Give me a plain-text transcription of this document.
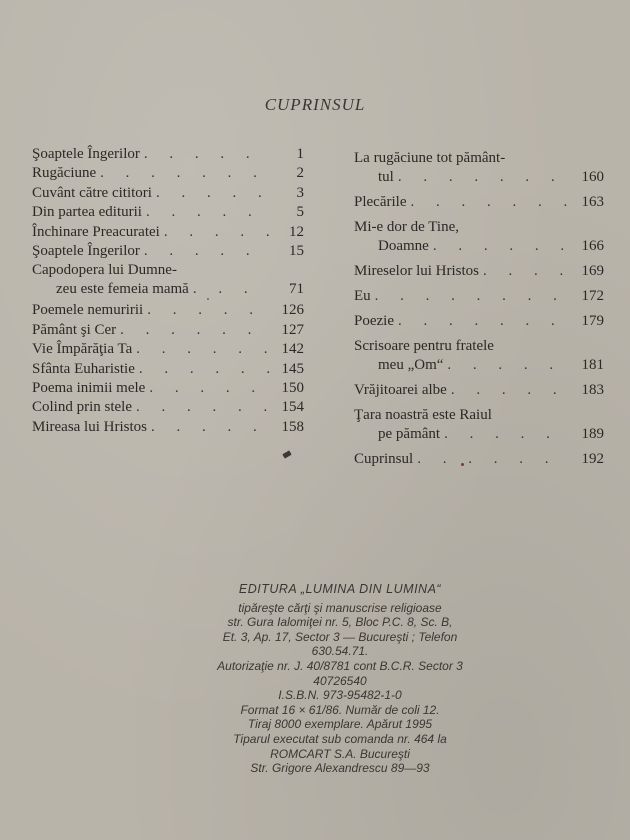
CUPRINSUL
Şoaptele Îngerilor . . .	1
Rugăciune . . .	2
Cuvânt către cititori . . .	3
Din partea editurii . . .	5
Închinare Preacuratei . . .	12
Şoaptele Îngerilor . . .	15
Capodopera lui Dumne-
zeu este femeia mamă . . .	71
Poemele nemuririi . . .	126
Pământ şi Cer . . .	127
Vie Împărăţia Ta . . .	142
Sfânta Euharistie . . .	145
Poema inimii mele . . .	150
Colind prin stele . . .	154
Mireasa lui Hristos . . .	158
La rugăciune tot pământ-
tul . . .	160
Plecările . . .	163
Mi-e dor de Tine,
Doamne . . .	166
Mireselor lui Hristos . . .	169
Eu . . .	172
Poezie . . .	179
Scrisoare pentru fratele
meu „Om“ . . .	181
Vrăjitoarei albe . . .	183
Ţara noastră este Raiul
pe pământ . . .	189
Cuprinsul . . .	192
EDITURA „LUMINA DIN LUMINA“
tipăreşte cărţi şi manuscrise religioase
str. Gura Ialomiţei nr. 5, Bloc P.C. 8, Sc. B,
Et. 3, Ap. 17, Sector 3 — Bucureşti ; Telefon
630.54.71.
Autorizaţie nr. J. 40/8781 cont B.C.R. Sector 3
40726540
I.S.B.N. 973-95482-1-0
Format 16 × 61/86. Număr de coli 12.
Tiraj 8000 exemplare. Apărut 1995
Tiparul executat sub comanda nr. 464 la
ROMCART S.A. Bucureşti
Str. Grigore Alexandrescu 89—93
